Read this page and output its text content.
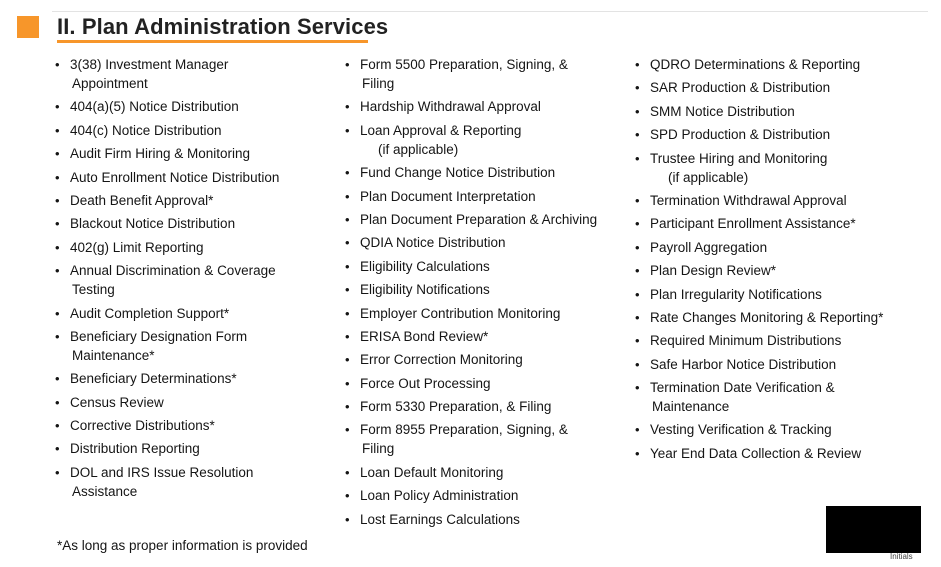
II. Plan Administration Services
• 3(38) Investment Manager
Appointment
• 404(a)(5) Notice Distribution
• 404(c) Notice Distribution
• Audit Firm Hiring & Monitoring
• Auto Enrollment Notice Distribution
• Death Benefit Approval*
• Blackout Notice Distribution
• 402(g) Limit Reporting
• Annual Discrimination & Coverage
Testing
• Audit Completion Support*
• Beneficiary Designation Form
Maintenance*
• Beneficiary Determinations*
• Census Review
• Corrective Distributions*
• Distribution Reporting
• DOL and IRS Issue Resolution
Assistance
• Form 5500 Preparation, Signing, &
Filing
• Hardship Withdrawal Approval
• Loan Approval & Reporting
(if applicable)
• Fund Change Notice Distribution
• Plan Document Interpretation
• Plan Document Preparation & Archiving
• QDIA Notice Distribution
• Eligibility Calculations
• Eligibility Notifications
• Employer Contribution Monitoring
• ERISA Bond Review*
• Error Correction Monitoring
• Force Out Processing
• Form 5330 Preparation, & Filing
• Form 8955 Preparation, Signing, &
Filing
• Loan Default Monitoring
• Loan Policy Administration
• Lost Earnings Calculations
• QDRO Determinations & Reporting
• SAR Production & Distribution
• SMM Notice Distribution
• SPD Production & Distribution
• Trustee Hiring and Monitoring
(if applicable)
• Termination Withdrawal Approval
• Participant Enrollment Assistance*
• Payroll Aggregation
• Plan Design Review*
• Plan Irregularity Notifications
• Rate Changes Monitoring & Reporting*
• Required Minimum Distributions
• Safe Harbor Notice Distribution
• Termination Date Verification &
Maintenance
• Vesting Verification & Tracking
• Year End Data Collection & Review
*As long as proper information is provided
Initials
